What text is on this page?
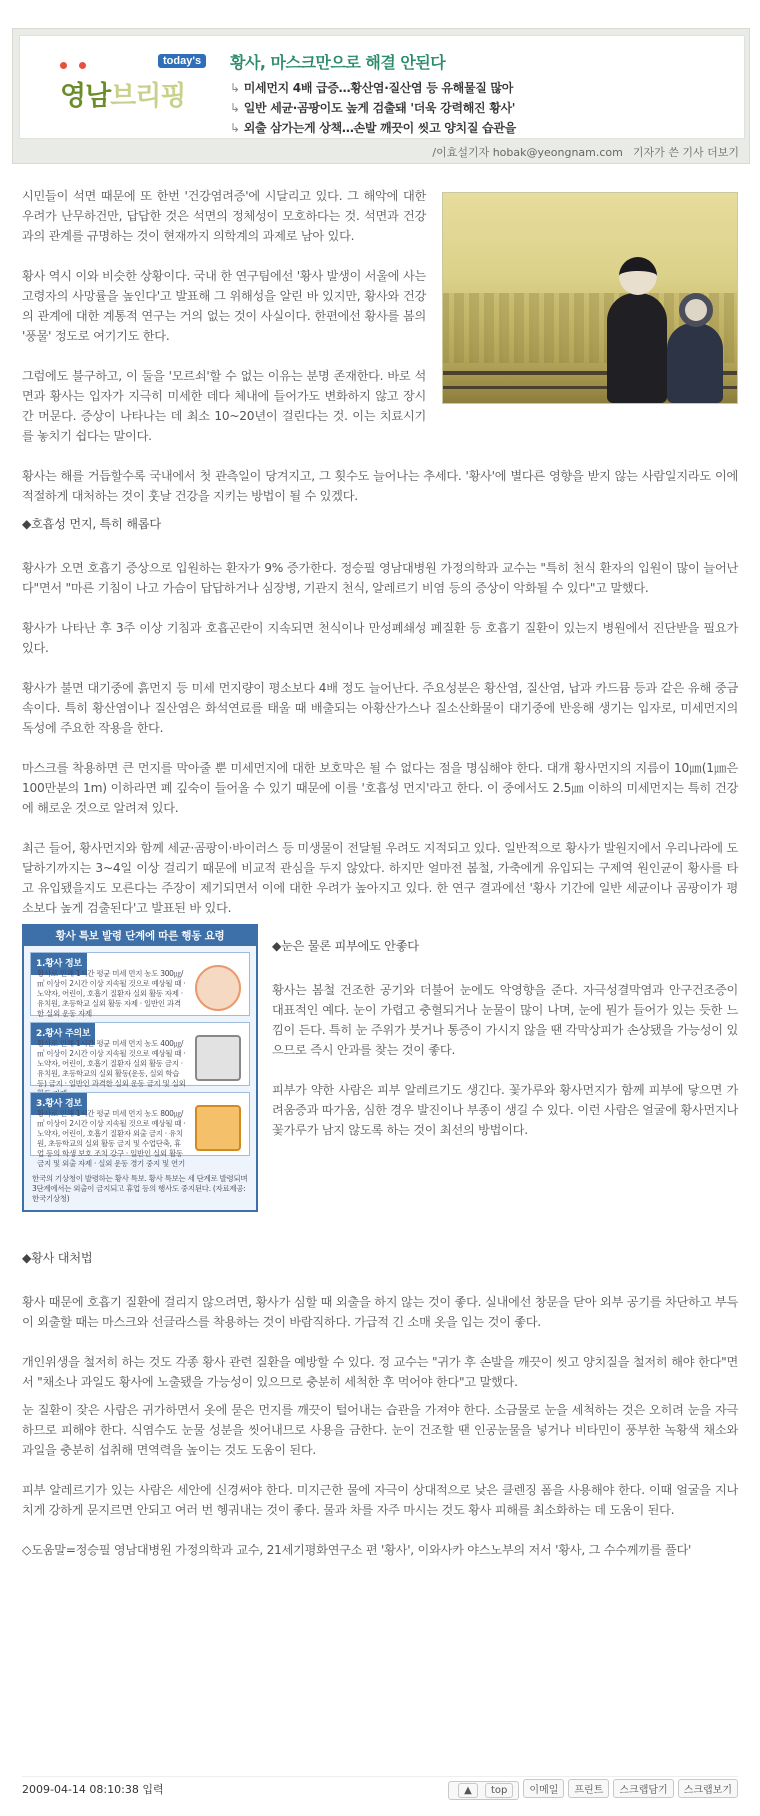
today's
영남브리핑
황사, 마스크만으로 해결 안된다
↳ 미세먼지 4배 급증…황산염·질산염 등 유해물질 많아
↳ 일반 세균·곰팡이도 높게 검출돼 '더욱 강력해진 황사'
↳ 외출 삼가는게 상책…손발 깨끗이 씻고 양치질 습관을
/이효설기자 hobak@yeongnam.com 기자가 쓴 기사 더보기

시민들이 석면 때문에 또 한번 '건강염려증'에 시달리고 있다. 그 해악에 대한 우려가 난무하건만, 답답한 것은 석면의 정체성이 모호하다는 것. 석면과 건강과의 관계를 규명하는 것이 현재까지 의학계의 과제로 남아 있다.

황사 역시 이와 비슷한 상황이다. 국내 한 연구팀에선 '황사 발생이 서울에 사는 고령자의 사망률을 높인다'고 발표해 그 위해성을 알린 바 있지만, 황사와 건강의 관계에 대한 계통적 연구는 거의 없는 것이 사실이다. 한편에선 황사를 봄의 '풍물' 정도로 여기기도 한다.

그럼에도 불구하고, 이 둘을 '모르쇠'할 수 없는 이유는 분명 존재한다. 바로 석면과 황사는 입자가 지극히 미세한 데다 체내에 들어가도 변화하지 않고 장시간 머문다. 증상이 나타나는 데 최소 10~20년이 걸린다는 것. 이는 치료시기를 놓치기 쉽다는 말이다.

황사는 해를 거듭할수록 국내에서 첫 관측일이 당겨지고, 그 횟수도 늘어나는 추세다. '황사'에 별다른 영향을 받지 않는 사람일지라도 이에 적절하게 대처하는 것이 훗날 건강을 지키는 방법이 될 수 있겠다.

◆호흡성 먼지, 특히 해롭다

황사가 오면 호흡기 증상으로 입원하는 환자가 9% 증가한다. 정승필 영남대병원 가정의학과 교수는 "특히 천식 환자의 입원이 많이 늘어난다"면서 "마른 기침이 나고 가슴이 답답하거나 심장병, 기관지 천식, 알레르기 비염 등의 증상이 악화될 수 있다"고 말했다.

황사가 나타난 후 3주 이상 기침과 호흡곤란이 지속되면 천식이나 만성폐쇄성 폐질환 등 호흡기 질환이 있는지 병원에서 진단받을 필요가 있다.

황사가 불면 대기중에 흙먼지 등 미세 먼지량이 평소보다 4배 정도 늘어난다. 주요성분은 황산염, 질산염, 납과 카드뮴 등과 같은 유해 중금속이다. 특히 황산염이나 질산염은 화석연료를 태울 때 배출되는 아황산가스나 질소산화물이 대기중에 반응해 생기는 입자로, 미세먼지의 독성에 주요한 작용을 한다.

마스크를 착용하면 큰 먼지를 막아줄 뿐 미세먼지에 대한 보호막은 될 수 없다는 점을 명심해야 한다. 대개 황사먼지의 지름이 10㎛(1㎛은 100만분의 1m) 이하라면 폐 깊숙이 들어올 수 있기 때문에 이를 '호흡성 먼지'라고 한다. 이 중에서도 2.5㎛ 이하의 미세먼지는 특히 건강에 해로운 것으로 알려져 있다.

최근 들어, 황사먼지와 함께 세균·곰팡이·바이러스 등 미생물이 전달될 우려도 지적되고 있다. 일반적으로 황사가 발원지에서 우리나라에 도달하기까지는 3~4일 이상 걸리기 때문에 비교적 관심을 두지 않았다. 하지만 얼마전 봄철, 가축에게 유입되는 구제역 원인균이 황사를 타고 유입됐을지도 모른다는 주장이 제기되면서 이에 대한 우려가 높아지고 있다. 한 연구 결과에선 '황사 기간에 일반 세균이나 곰팡이가 평소보다 높게 검출된다'고 발표된 바 있다.

황사 특보 발령 단계에 따른 행동 요령
1.황사 정보
황사로 인해 1시간 평균 미세 먼지 농도 300㎍/㎥ 이상이 2시간 이상 지속될 것으로 예상될 때 · 노약자, 어린이, 호흡기 질환자 실외 활동 자제 · 유치원, 초등학교 실외 활동 자제 · 일반인 과격한 실외 운동 자제
2.황사 주의보
황사로 인해 1시간 평균 미세 먼지 농도 400㎍/㎥ 이상이 2시간 이상 지속될 것으로 예상될 때 · 노약자, 어린이, 호흡기 질환자 실외 활동 금지 · 유치원, 초등학교의 실외 활동(운동, 실외 학습 등) 금지 · 일반인 과격한 실외 운동 금지 및 실외
3.황사 경보
황사로 인해 1시간 평균 미세 먼지 농도 800㎍/㎥ 이상이 2시간 이상 지속될 것으로 예상될 때 · 노약자, 어린이, 호흡기 질환자 외출 금지 · 유치원, 초등학교의 실외 활동 금지 및 수업단축, 휴업 등의 학생 보호 조치 강구 · 일반인 실외 활동 금지 및 외출 자제 · 실외 운동 경기 중지 및 연기
한국의 기상청이 발령하는 황사 특보. 황사 특보는 세 단계로 발령되며 3단계에서는 외출이 금지되고 휴업 등의 행사도 중지된다. (자료제공: 한국기상청)

◆눈은 물론 피부에도 안좋다

황사는 봄철 건조한 공기와 더불어 눈에도 악영향을 준다. 자극성결막염과 안구건조증이 대표적인 예다. 눈이 가렵고 충혈되거나 눈물이 많이 나며, 눈에 뭔가 들어가 있는 듯한 느낌이 든다. 특히 눈 주위가 붓거나 통증이 가시지 않을 땐 각막상피가 손상됐을 가능성이 있으므로 즉시 안과를 찾는 것이 좋다.

피부가 약한 사람은 피부 알레르기도 생긴다. 꽃가루와 황사먼지가 함께 피부에 닿으면 가려움증과 따가움, 심한 경우 발진이나 부종이 생길 수 있다. 이런 사람은 얼굴에 황사먼지나 꽃가루가 남지 않도록 하는 것이 최선의 방법이다.

◆황사 대처법

황사 때문에 호흡기 질환에 걸리지 않으려면, 황사가 심할 때 외출을 하지 않는 것이 좋다. 실내에선 창문을 닫아 외부 공기를 차단하고 부득이 외출할 때는 마스크와 선글라스를 착용하는 것이 바람직하다. 가급적 긴 소매 옷을 입는 것이 좋다.

개인위생을 철저히 하는 것도 각종 황사 관련 질환을 예방할 수 있다. 정 교수는 "귀가 후 손발을 깨끗이 씻고 양치질을 철저히 해야 한다"면서 "채소나 과일도 황사에 노출됐을 가능성이 있으므로 충분히 세척한 후 먹어야 한다"고 말했다.

눈 질환이 잦은 사람은 귀가하면서 옷에 묻은 먼지를 깨끗이 털어내는 습관을 가져야 한다. 소금물로 눈을 세척하는 것은 오히려 눈을 자극하므로 피해야 한다. 식염수도 눈물 성분을 씻어내므로 사용을 금한다. 눈이 건조할 땐 인공눈물을 넣거나 비타민이 풍부한 녹황색 채소와 과일을 충분히 섭취해 면역력을 높이는 것도 도움이 된다.

피부 알레르기가 있는 사람은 세안에 신경써야 한다. 미지근한 물에 자극이 상대적으로 낮은 클렌징 폼을 사용해야 한다. 이때 얼굴을 지나치게 강하게 문지르면 안되고 여러 번 헹궈내는 것이 좋다. 물과 차를 자주 마시는 것도 황사 피해를 최소화하는 데 도움이 된다.

◇도움말=정승필 영남대병원 가정의학과 교수, 21세기평화연구소 편 '황사', 이와사카 야스노부의 저서 '황사, 그 수수께끼를 풀다'

2009-04-14 08:10:38 입력	▲ top 이메일 프린트 스크랩담기 스크랩보기
